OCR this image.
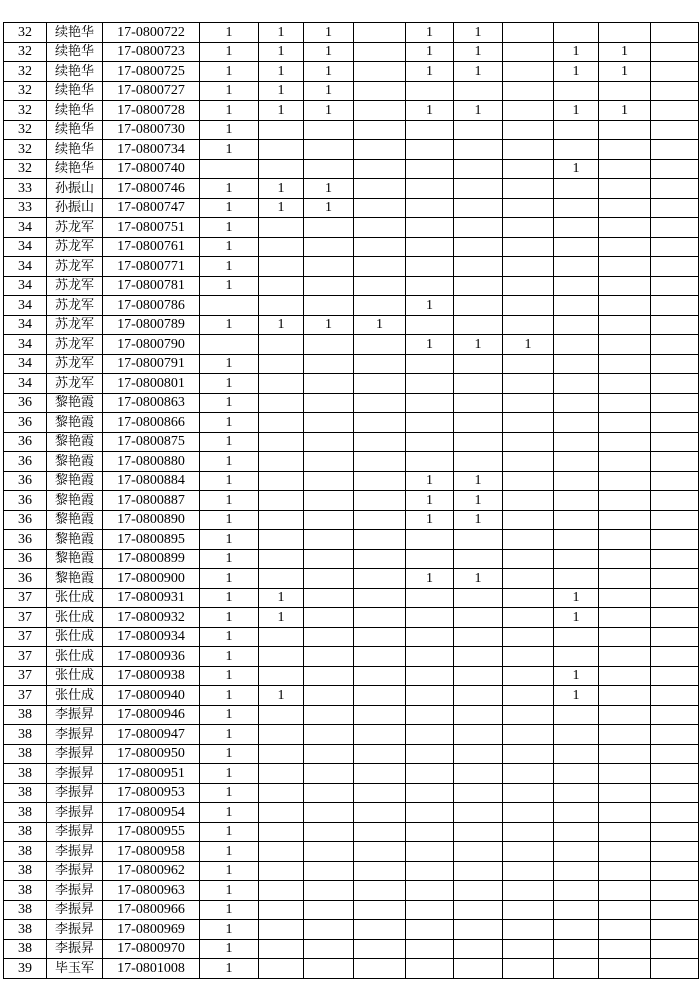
32	续艳华	17-0800722	1	1	1		1	1				
32	续艳华	17-0800723	1	1	1		1	1		1	1	
32	续艳华	17-0800725	1	1	1		1	1		1	1	
32	续艳华	17-0800727	1	1	1							
32	续艳华	17-0800728	1	1	1		1	1		1	1	
32	续艳华	17-0800730	1									
32	续艳华	17-0800734	1									
32	续艳华	17-0800740								1		
33	孙振山	17-0800746	1	1	1							
33	孙振山	17-0800747	1	1	1							
34	苏龙军	17-0800751	1									
34	苏龙军	17-0800761	1									
34	苏龙军	17-0800771	1									
34	苏龙军	17-0800781	1									
34	苏龙军	17-0800786					1					
34	苏龙军	17-0800789	1	1	1	1						
34	苏龙军	17-0800790					1	1	1			
34	苏龙军	17-0800791	1									
34	苏龙军	17-0800801	1									
36	黎艳霞	17-0800863	1									
36	黎艳霞	17-0800866	1									
36	黎艳霞	17-0800875	1									
36	黎艳霞	17-0800880	1									
36	黎艳霞	17-0800884	1				1	1				
36	黎艳霞	17-0800887	1				1	1				
36	黎艳霞	17-0800890	1				1	1				
36	黎艳霞	17-0800895	1									
36	黎艳霞	17-0800899	1									
36	黎艳霞	17-0800900	1				1	1				
37	张仕成	17-0800931	1	1						1		
37	张仕成	17-0800932	1	1						1		
37	张仕成	17-0800934	1									
37	张仕成	17-0800936	1									
37	张仕成	17-0800938	1							1		
37	张仕成	17-0800940	1	1						1		
38	李振昇	17-0800946	1									
38	李振昇	17-0800947	1									
38	李振昇	17-0800950	1									
38	李振昇	17-0800951	1									
38	李振昇	17-0800953	1									
38	李振昇	17-0800954	1									
38	李振昇	17-0800955	1									
38	李振昇	17-0800958	1									
38	李振昇	17-0800962	1									
38	李振昇	17-0800963	1									
38	李振昇	17-0800966	1									
38	李振昇	17-0800969	1									
38	李振昇	17-0800970	1									
39	毕玉军	17-0801008	1									
